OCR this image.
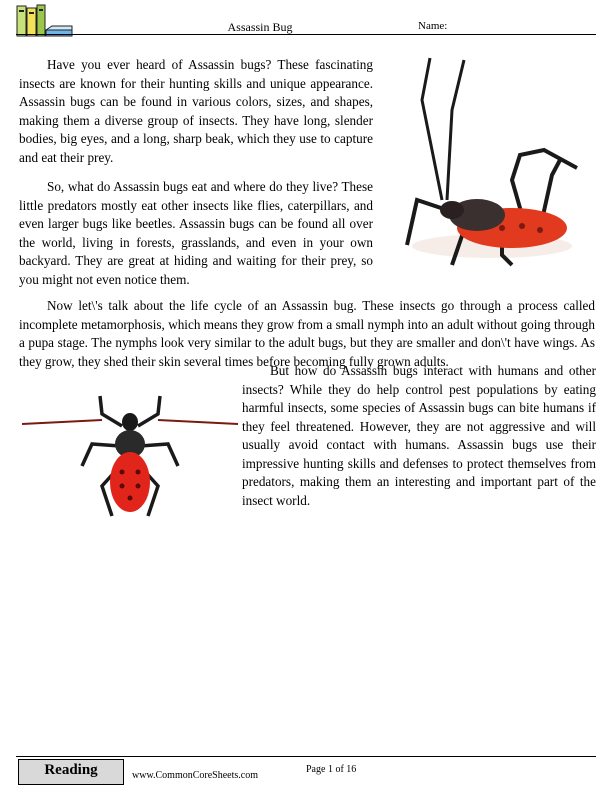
Assassin Bug	Name:

Have you ever heard of Assassin bugs? These fascinating insects are known for their hunting skills and unique appearance. Assassin bugs can be found in various colors, sizes, and shapes, making them a diverse group of insects. They have long, slender bodies, big eyes, and a long, sharp beak, which they use to capture and eat their prey.

So, what do Assassin bugs eat and where do they live? These little predators mostly eat other insects like flies, caterpillars, and even larger bugs like beetles. Assassin bugs can be found all over the world, living in forests, grasslands, and even in your own backyard. They are great at hiding and waiting for their prey, so you might not even notice them.

Now let\'s talk about the life cycle of an Assassin bug. These insects go through a process called incomplete metamorphosis, which means they grow from a small nymph into an adult without going through a pupa stage. The nymphs look very similar to the adult bugs, but they are smaller and don\'t have wings. As they grow, they shed their skin several times before becoming fully grown adults.

But how do Assassin bugs interact with humans and other insects? While they do help control pest populations by eating harmful insects, some species of Assassin bugs can bite humans if they feel threatened. However, they are not aggressive and will usually avoid contact with humans. Assassin bugs use their impressive hunting skills and defenses to protect themselves from predators, making them an interesting and important part of the insect world.

Reading	www.CommonCoreSheets.com
Page 1 of 16
